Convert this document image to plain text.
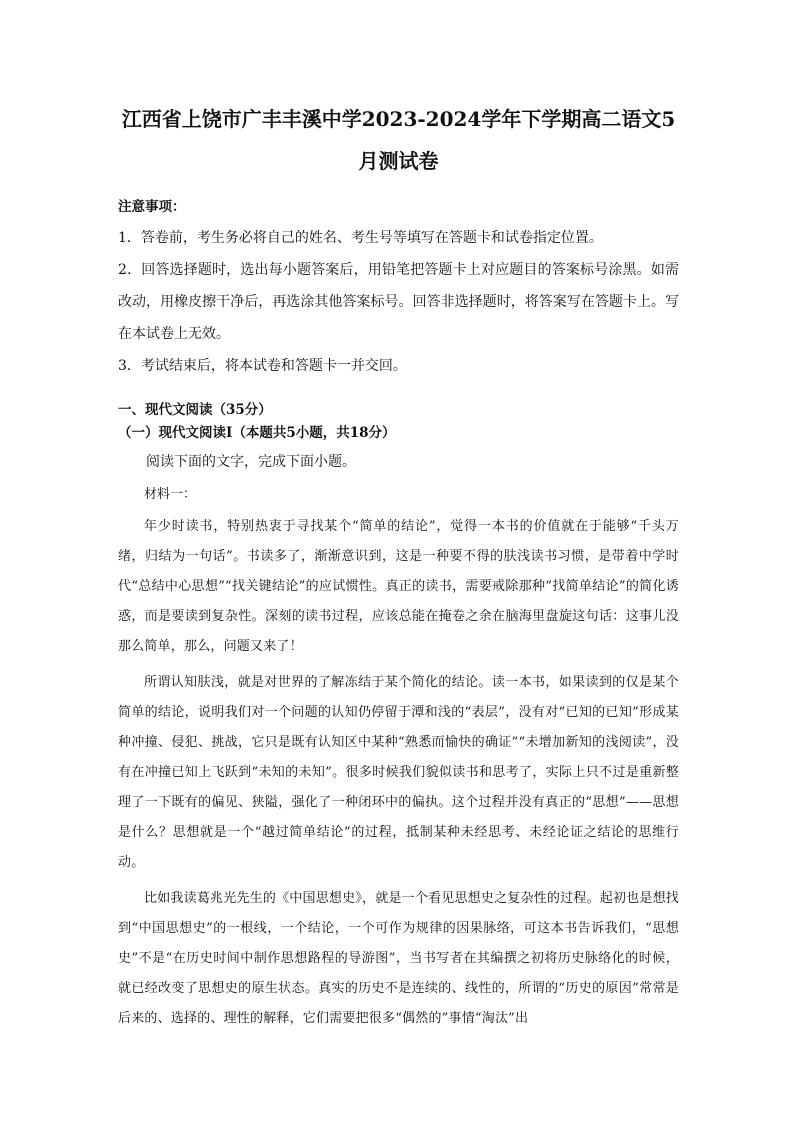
江西省上饶市广丰丰溪中学2023-2024学年下学期高二语文5月测试卷
注意事项：

1．答卷前，考生务必将自己的姓名、考生号等填写在答题卡和试卷指定位置。

2．回答选择题时，选出每小题答案后，用铅笔把答题卡上对应题目的答案标号涂黑。如需改动，用橡皮擦干净后，再选涂其他答案标号。回答非选择题时，将答案写在答题卡上。写在本试卷上无效。

3．考试结束后，将本试卷和答题卡一并交回。

一、现代文阅读（35分）
（一）现代文阅读Ⅰ（本题共5小题，共18分）

阅读下面的文字，完成下面小题。

材料一：

年少时读书，特别热衷于寻找某个“简单的结论”，觉得一本书的价值就在于能够“千头万绪，归结为一句话”。书读多了，渐渐意识到，这是一种要不得的肤浅读书习惯，是带着中学时代“总结中心思想”“找关键结论”的应试惯性。真正的读书，需要戒除那种“找简单结论”的简化诱惑，而是要读到复杂性。深刻的读书过程，应该总能在掩卷之余在脑海里盘旋这句话：这事儿没那么简单，那么，问题又来了！

所谓认知肤浅，就是对世界的了解冻结于某个简化的结论。读一本书，如果读到的仅是某个简单的结论，说明我们对一个问题的认知仍停留于潭和浅的“表层”，没有对“已知的已知”形成某种冲撞、侵犯、挑战，它只是既有认知区中某种“熟悉而愉快的确证”“未增加新知的浅阅读”，没有在冲撞已知上飞跃到“未知的未知”。很多时候我们貌似读书和思考了，实际上只不过是重新整理了一下既有的偏见、狭隘，强化了一种闭环中的偏执。这个过程并没有真正的“思想”——思想是什么？思想就是一个“越过简单结论”的过程，抵制某种未经思考、未经论证之结论的思维行动。

比如我读葛兆光先生的《中国思想史》，就是一个看见思想史之复杂性的过程。起初也是想找到“中国思想史”的一根线，一个结论，一个可作为规律的因果脉络，可这本书告诉我们，“思想史”不是“在历史时间中制作思想路程的导游图”，当书写者在其编撰之初将历史脉络化的时候，就已经改变了思想史的原生状态。真实的历史不是连续的、线性的，所谓的“历史的原因”常常是后来的、选择的、理性的解释，它们需要把很多“偶然的”事情“淘汰”出
